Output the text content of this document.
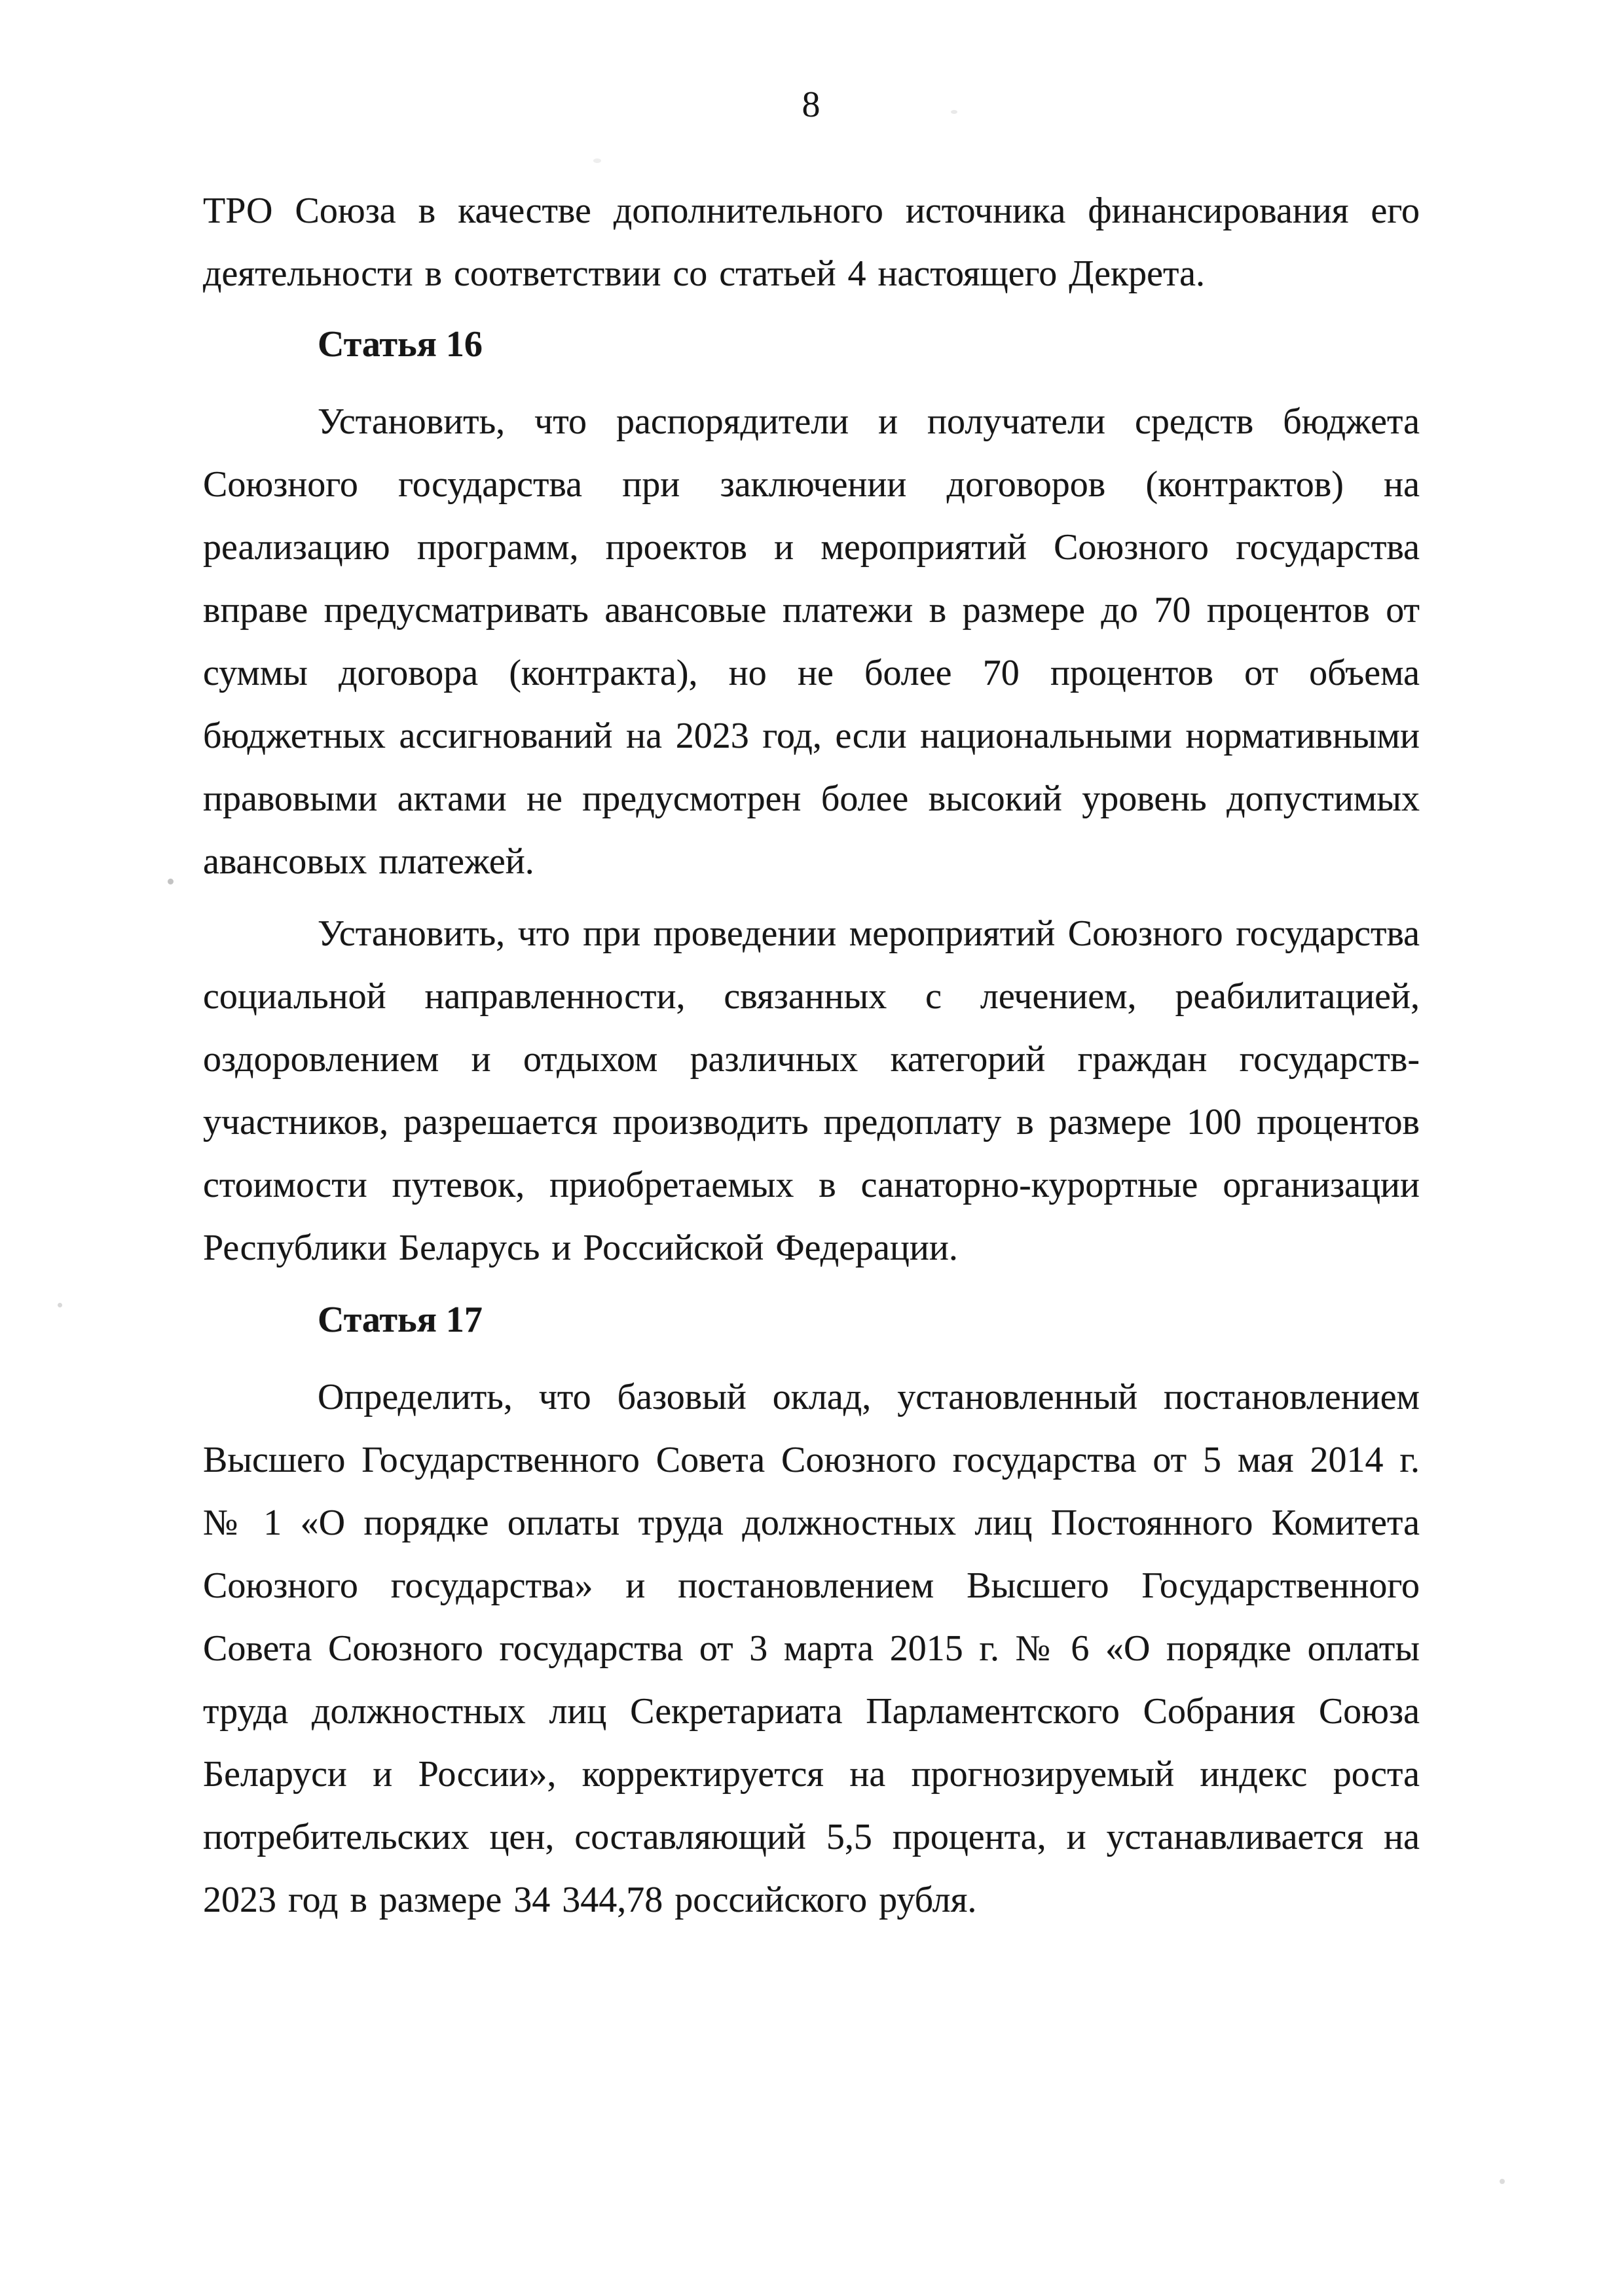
8

ТРО Союза в качестве дополнительного источника финансирования его деятельности в соответствии со статьей 4 настоящего Декрета.

Статья 16

Установить, что распорядители и получатели средств бюджета Союзного государства при заключении договоров (контрактов) на реализацию программ, проектов и мероприятий Союзного государства вправе предусматривать авансовые платежи в размере до 70 процентов от суммы договора (контракта), но не более 70 процентов от объема бюджетных ассигнований на 2023 год, если национальными нормативными правовыми актами не предусмотрен более высокий уровень допустимых авансовых платежей.

Установить, что при проведении мероприятий Союзного государства социальной направленности, связанных с лечением, реабилитацией, оздоровлением и отдыхом различных категорий граждан государств-участников, разрешается производить предоплату в размере 100 процентов стоимости путевок, приобретаемых в санаторно-курортные организации Республики Беларусь и Российской Федерации.

Статья 17

Определить, что базовый оклад, установленный постановлением Высшего Государственного Совета Союзного государства от 5 мая 2014 г. № 1 «О порядке оплаты труда должностных лиц Постоянного Комитета Союзного государства» и постановлением Высшего Государственного Совета Союзного государства от 3 марта 2015 г. № 6 «О порядке оплаты труда должностных лиц Секретариата Парламентского Собрания Союза Беларуси и России», корректируется на прогнозируемый индекс роста потребительских цен, составляющий 5,5 процента, и устанавливается на 2023 год в размере 34 344,78 российского рубля.
